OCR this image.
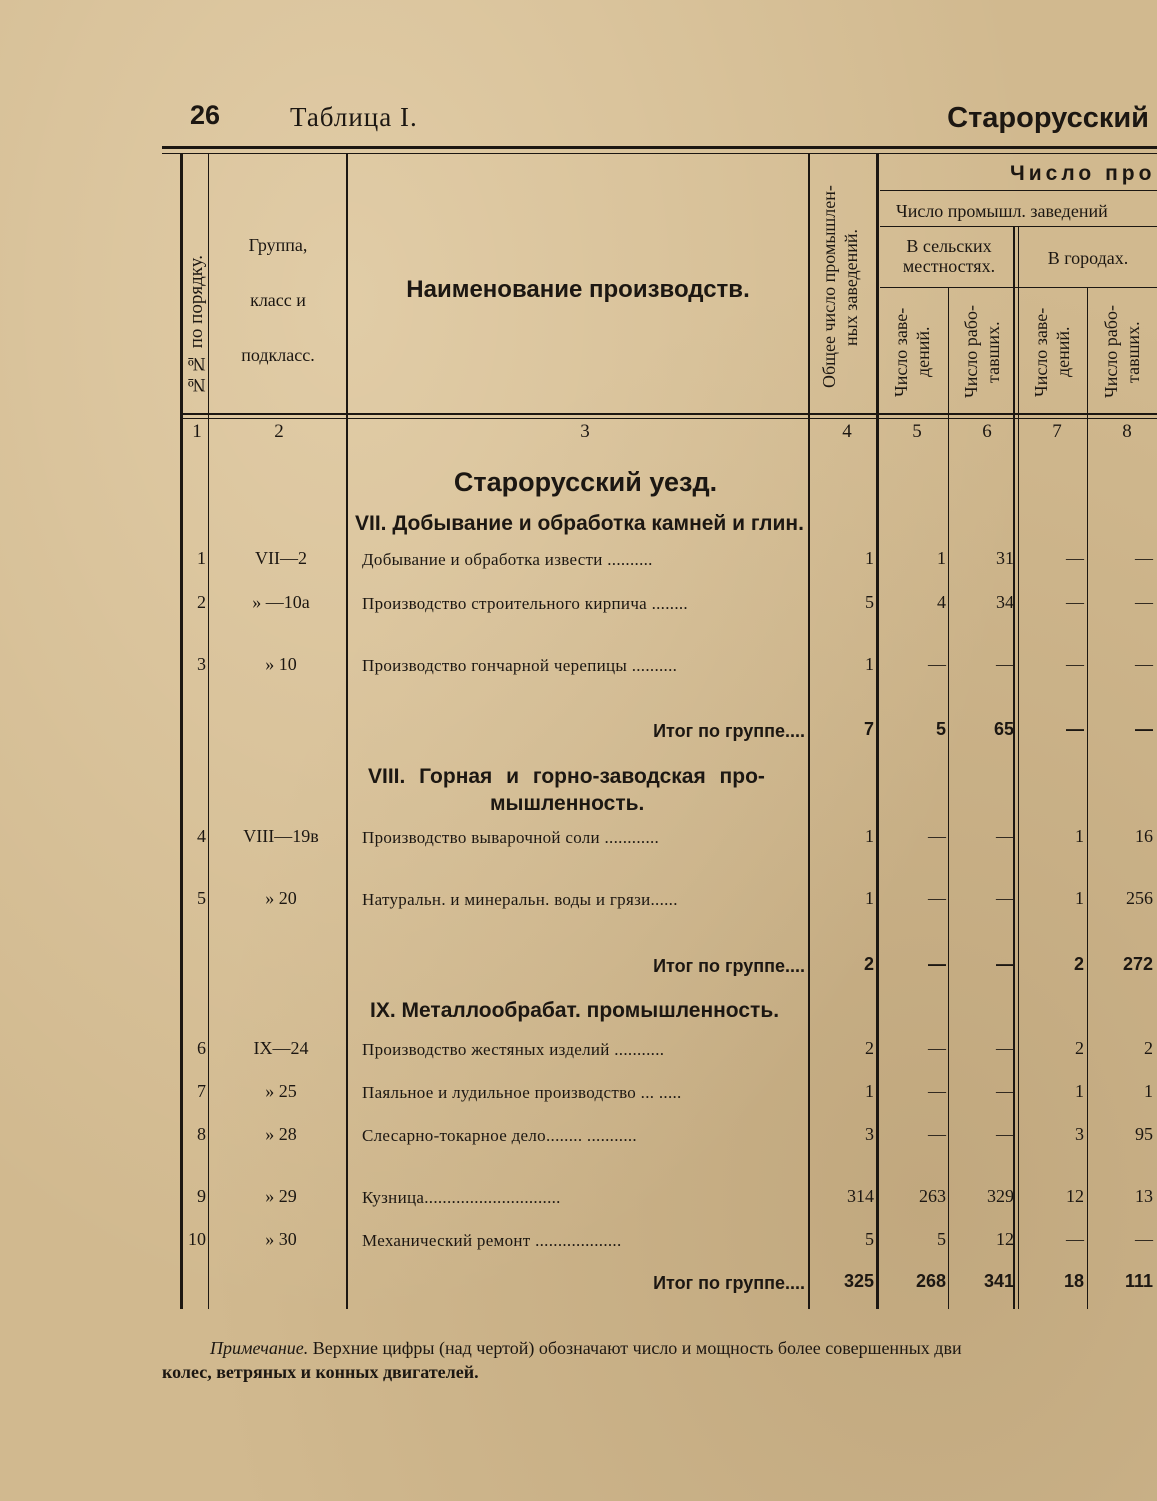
26	Таблица I.	Старорусский
№№ по порядку.
Группа,
класс и
подкласс.
Наименование производств.	Общее число промышлен- ных заведений.
Число про
Число промышл. заведений
В сельских
местностях.	В городах.
Число заве- дений. Число рабо- тавших. Число заве- дений. Число рабо- тавших.
1	2	3	4	5	6	7	8
Старорусский уезд.
VII. Добывание и обработка камней и глин.
VIII. Горная и горно-заводская про-
мышленность.
IX. Металлообрабат. промышленность.
1	VII—2	Добывание и обработка извести ..........	1	1	31	—	—
2	» —10а	Производство строительного кирпича ........	5	4	34	—	—
3	» 10	Производство гончарной черепицы ..........	1	—	—	—	—
Итог по группе....	7	5	65	—	—
4	VIII—19в	Производство выварочной соли ............	1	—	—	1	16
5	» 20	Натуральн. и минеральн. воды и грязи......	1	—	—	1	256
Итог по группе....	2	—	—	2	272
6	IX—24	Производство жестяных изделий ...........	2	—	—	2	2
7	» 25	Паяльное и лудильное производство ... .....	1	—	—	1	1
8	» 28	Слесарно-токарное дело........ ...........	3	—	—	3	95
9	» 29	Кузница..............................	314	263	329	12	13
10	» 30	Механический ремонт ...................	5	5	12	—	—
Итог по группе....	325	268	341	18	111
Примечание. Верхние цифры (над чертой) обозначают число и мощность более совершенных дви
колес, ветряных и конных двигателей.
